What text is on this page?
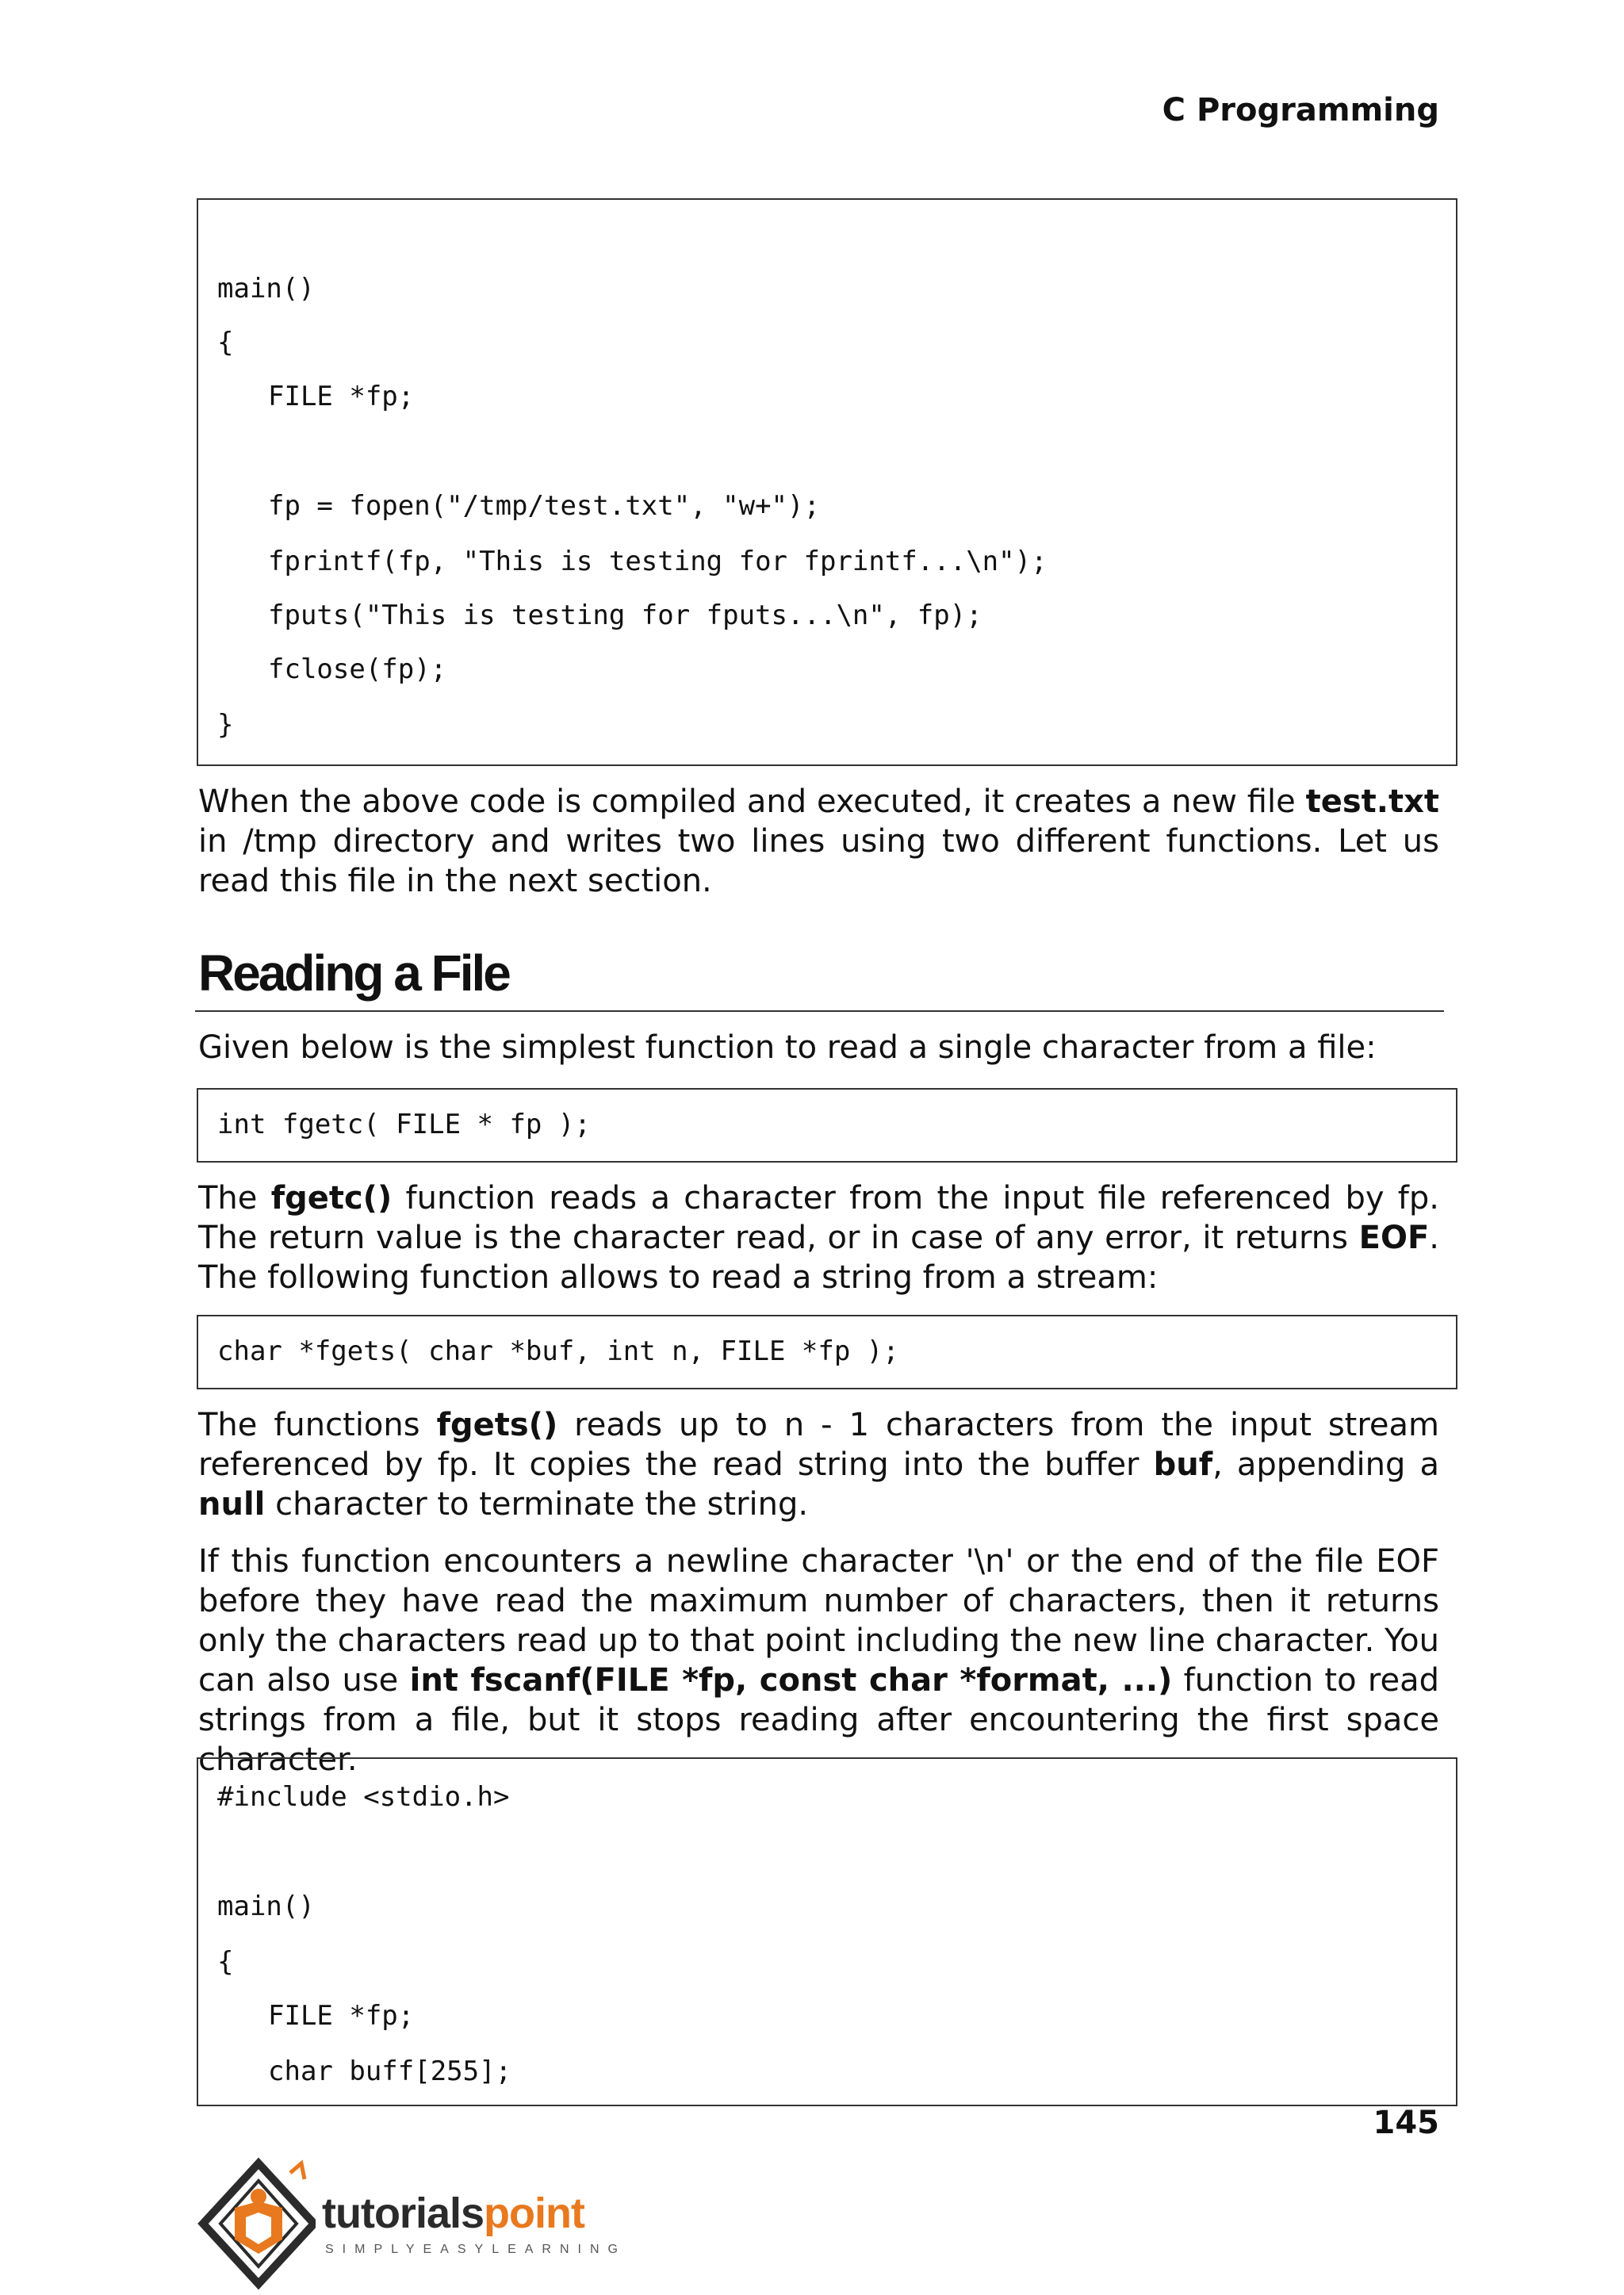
C Programming
main()
{
FILE *fp;
fp = fopen("/tmp/test.txt", "w+");
fprintf(fp, "This is testing for fprintf...\n");
fputs("This is testing for fputs...\n", fp);
fclose(fp);
}
When the above code is compiled and executed, it creates a new file test.txt in /tmp directory and writes two lines using two different functions. Let us read this file in the next section.
Reading a File
Given below is the simplest function to read a single character from a file:
int fgetc( FILE * fp );
The fgetc() function reads a character from the input file referenced by fp. The return value is the character read, or in case of any error, it returns EOF. The following function allows to read a string from a stream:
char *fgets( char *buf, int n, FILE *fp );
The functions fgets() reads up to n - 1 characters from the input stream referenced by fp. It copies the read string into the buffer buf, appending a null character to terminate the string.
If this function encounters a newline character '\n' or the end of the file EOF before they have read the maximum number of characters, then it returns only the characters read up to that point including the new line character. You can also use int fscanf(FILE *fp, const char *format, ...) function to read strings from a file, but it stops reading after encountering the first space character.
#include <stdio.h>
main()
{
FILE *fp;
char buff[255];
145
tutorialspoint
SIMPLYEASYLEARNING
